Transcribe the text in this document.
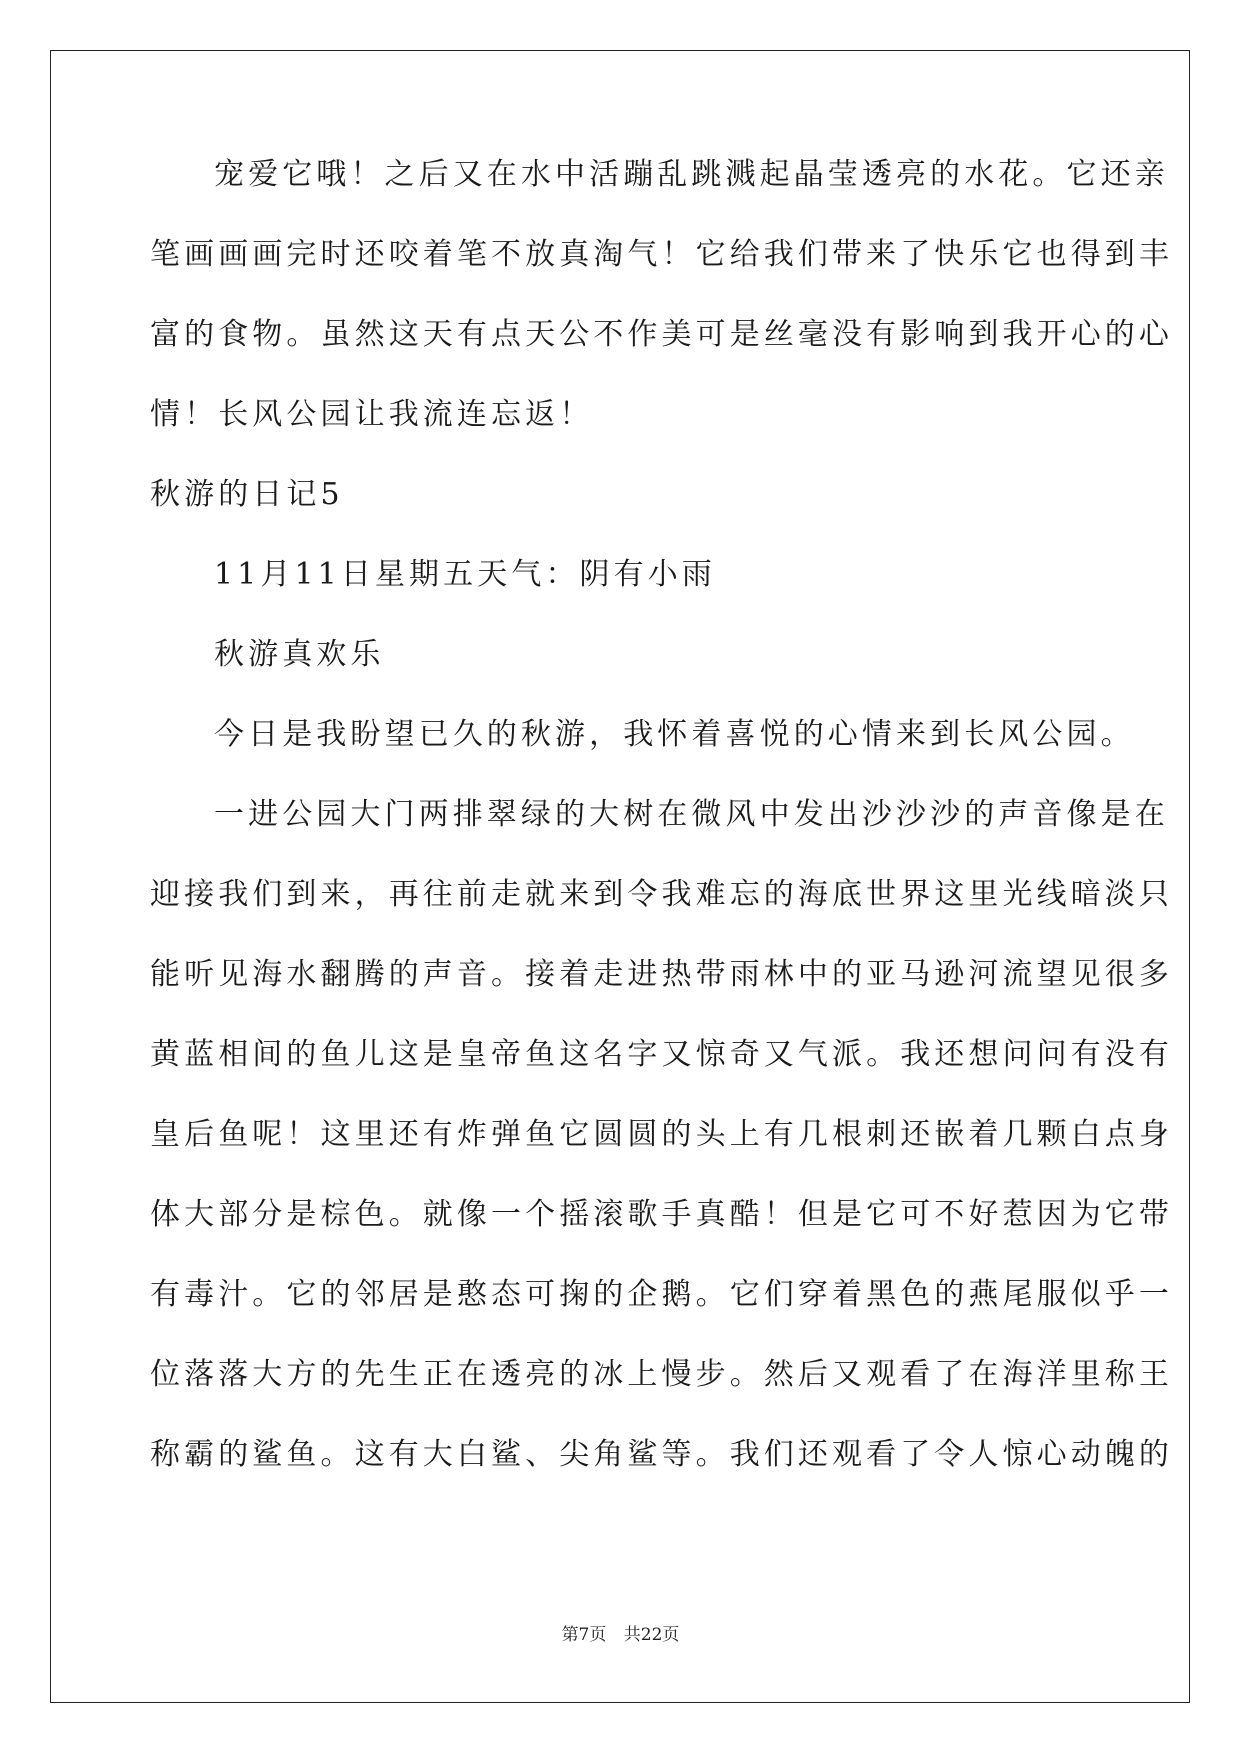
宠爱它哦！之后又在水中活蹦乱跳溅起晶莹透亮的水花。它还亲

笔画画画完时还咬着笔不放真淘气！它给我们带来了快乐它也得到丰

富的食物。虽然这天有点天公不作美可是丝毫没有影响到我开心的心

情！长风公园让我流连忘返！

秋游的日记5

11月11日星期五天气：阴有小雨

秋游真欢乐

今日是我盼望已久的秋游，我怀着喜悦的心情来到长风公园。

一进公园大门两排翠绿的大树在微风中发出沙沙沙的声音像是在

迎接我们到来，再往前走就来到令我难忘的海底世界这里光线暗淡只

能听见海水翻腾的声音。接着走进热带雨林中的亚马逊河流望见很多

黄蓝相间的鱼儿这是皇帝鱼这名字又惊奇又气派。我还想问问有没有

皇后鱼呢！这里还有炸弹鱼它圆圆的头上有几根刺还嵌着几颗白点身

体大部分是棕色。就像一个摇滚歌手真酷！但是它可不好惹因为它带

有毒汁。它的邻居是憨态可掬的企鹅。它们穿着黑色的燕尾服似乎一

位落落大方的先生正在透亮的冰上慢步。然后又观看了在海洋里称王

称霸的鲨鱼。这有大白鲨、尖角鲨等。我们还观看了令人惊心动魄的

第7页 共22页
